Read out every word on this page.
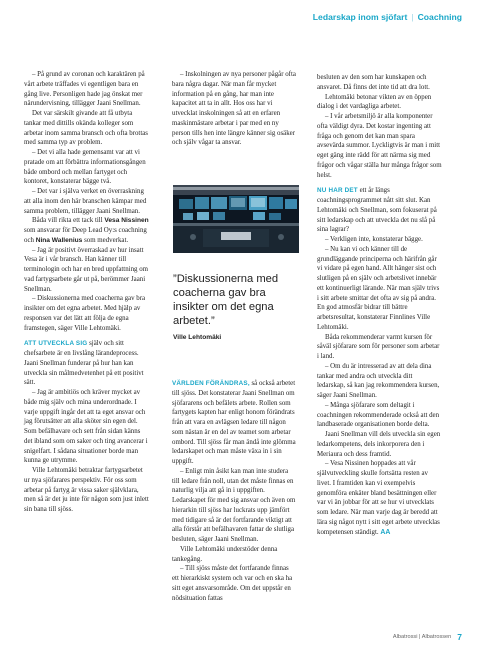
Ledarskap inom sjöfart | Coachning

– På grund av coronan och karaktären på vårt arbete träffades vi egentligen bara en gång live. Personligen hade jag önskat mer närundervisning, tillägger Jaani Snellman.

Det var särskilt givande att få utbyta tankar med dittills okända kolleger som arbetar inom samma bransch och ofta brottas med samma typ av problem.

– Det vi alla hade gemensamt var att vi pratade om att förbättra informationsgången både ombord och mellan fartyget och kontoret, konstaterar bägge två.

– Det var i själva verket en överraskning att alla inom den här branschen kämpar med samma problem, tillägger Jaani Snellman.

Båda vill rikta ett tack till Vesa Nissinen som ansvarar för Deep Lead Oy:s coachning och Nina Wallenius som medverkat.

– Jag är positivt överraskad av hur insatt Vesa är i vår bransch. Han känner till terminologin och har en bred uppfattning om vad fartygsarbete går ut på, berömmer Jaani Snellman.

– Diskussionerna med coacherna gav bra insikter om det egna arbetet. Med hjälp av responsen var det lätt att följa de egna framstegen, säger Ville Lehtomäki.

ATT UTVECKLA SIG själv och sitt chefsarbete är en livslång lärandeprocess. Jaani Snellman funderar på hur han kan utveckla sin målmedvetenhet på ett positivt sätt.

– Jag är ambitiös och kräver mycket av både mig själv och mina underordnade. I varje uppgift ingår det att ta eget ansvar och jag förutsätter att alla sköter sin egen del. Som befälhavare och sett från sidan känns det ibland som om saker och ting avancerar i snigelfart. I sådana situationer borde man kunna ge utrymme.

Ville Lehtomäki betraktar fartygsarbetet ur nya sjöfarares perspektiv. För oss som arbetar på fartyg är vissa saker självklara, men så är det ju inte för någon som just inlett sin bana till sjöss.

– Inskolningen av nya personer pågår ofta bara några dagar. När man får mycket information på en gång, har man inte kapacitet att ta in allt. Hos oss har vi utvecklat inskolningen så att en erfaren maskinmästare arbetar i par med en ny person tills hen inte längre känner sig osäker och själv vågar ta ansvar.

”Diskussionerna med coacherna gav bra insikter om det egna arbetet.”
Ville Lehtomäki

VÄRLDEN FÖRÄNDRAS, så också arbetet till sjöss. Det konstaterar Jaani Snellman om sjöfararens och befälets arbete. Rollen som fartygets kapten har enligt honom förändrats från att vara en avlägsen ledare till någon som nästan är en del av teamet som arbetar ombord. Till sjöss får man ändå inte glömma ledarskapet och man måste växa in i sin uppgift.

– Enligt min åsikt kan man inte studera till ledare från noll, utan det måste finnas en naturlig vilja att gå in i uppgiften. Ledarskapet för med sig ansvar och även om hierarkin till sjöss har luckrats upp jämfört med tidigare så är det fortfarande viktigt att alla förstår att befälhavaren fattar de slutliga besluten, säger Jaani Snellman.

Ville Lehtomäki understöder denna tankegång.

– Till sjöss måste det fortfarande finnas ett hierarkiskt system och var och en ska ha sitt eget ansvarsområde. Om det uppstår en nödsituation fattas

besluten av den som har kunskapen och ansvaret. Då finns det inte tid att dra lott.

Lehtomäki betonar vikten av en öppen dialog i det vardagliga arbetet.

– I vår arbetsmiljö är alla komponenter ofta väldigt dyra. Det kostar ingenting att fråga och genom det kan man spara avsevärda summor. Lyckligtvis är man i mitt eget gäng inte rädd för att närma sig med frågor och vågar ställa hur många frågor som helst.

NU HAR DET ett år längs coachningsprogrammet nått sitt slut. Kan Lehtomäki och Snellman, som fokuserat på sitt ledarskap och att utveckla det nu slå på sina lagrar?

– Verkligen inte, konstaterar bägge.

– Nu kan vi och känner till de grundläggande principerna och härifrån går vi vidare på egen hand. Allt hänger sist och slutligen på en själv och arbetslivet innebär ett kontinuerligt lärande. När man själv trivs i sitt arbete smittar det ofta av sig på andra. En god atmosfär bidrar till bättre arbetsresultat, konstaterar Finnlines Ville Lehtomäki.

Båda rekommenderar varmt kursen för såväl sjöfarare som för personer som arbetar i land.

– Om du är intresserad av att dela dina tankar med andra och utveckla ditt ledarskap, så kan jag rekommendera kursen, säger Jaani Snellman.

– Många sjöfarare som deltagit i coachningen rekommenderade också att den landbaserade organisationen borde delta.

Jaani Snellman vill dels utveckla sin egen ledarkompetens, dels inkorporera den i Meriaura och dess framtid.

– Vesa Nissinen hoppades att vår självutveckling skulle fortsätta resten av livet. I framtiden kan vi exempelvis genomföra enkäter bland besättningen eller var vi än jobbar för att se hur vi utvecklats som ledare. När man varje dag är beredd att lära sig något nytt i sitt eget arbete utvecklas kompetensen ständigt. AA

Albatrossi | Albatrossen 7
